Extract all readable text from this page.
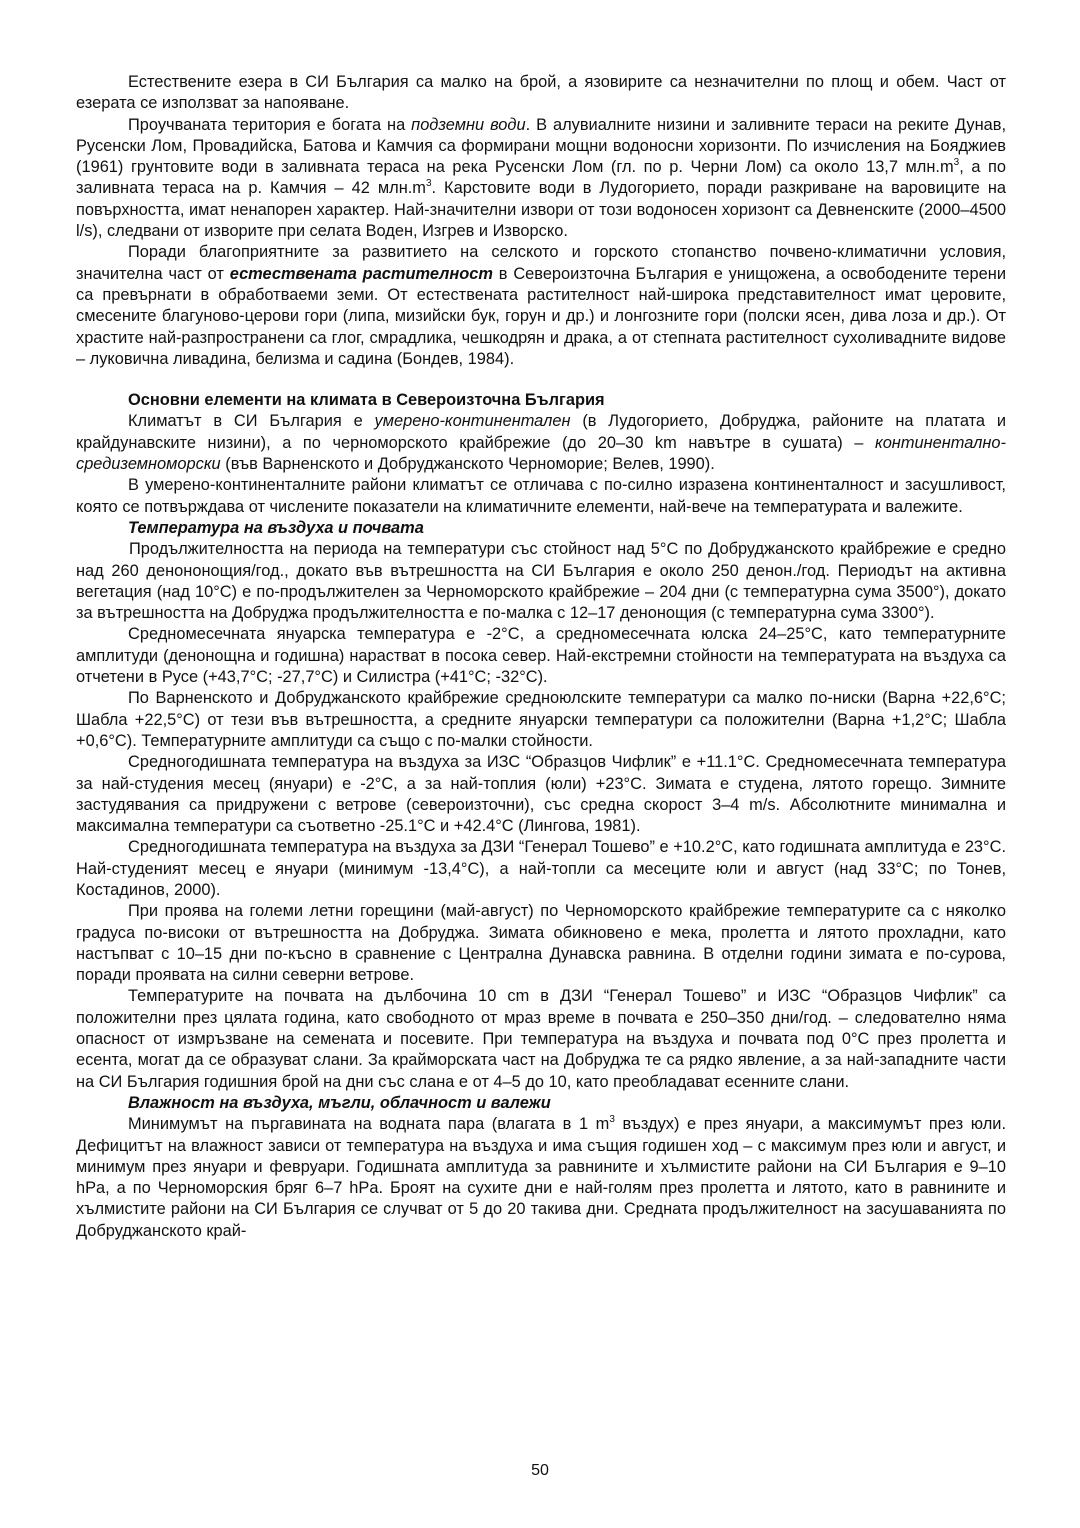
Естествените езера в СИ България са малко на брой, а язовирите са незначителни по площ и обем. Част от езерата се използват за напояване.

Проучваната територия е богата на подземни води. В алувиалните низини и заливните тераси на реките Дунав, Русенски Лом, Провадийска, Батова и Камчия са формирани мощни водоносни хоризонти. По изчисления на Бояджиев (1961) грунтовите води в заливната тераса на река Русенски Лом (гл. по р. Черни Лом) са около 13,7 $млн.m^3$, а по заливната тераса на р. Камчия – 42 $млн.m^3$. Карстовите води в Лудогорието, поради разкриване на варовиците на повърхността, имат ненапорен характер. Най-значителни извори от този водоносен хоризонт са Девненските (2000–4500 l/s), следвани от изворите при селата Воден, Изгрев и Изворско.

Поради благоприятните за развитието на селското и горското стопанство почвено-климатични условия, значителна част от естествената растителност в Североизточна България е унищожена, а освободените терени са превърнати в обработваеми земи. От естествената растителност най-широка представителност имат церовите, смесените благуново-церови гори (липа, мизийски бук, горун и др.) и лонгозните гори (полски ясен, дива лоза и др.). От храстите най-разпространени са глог, смрадлика, чешкодрян и драка, а от степната растителност сухоливадните видове – луковична ливадина, белизма и садина (Бондев, 1984).

Основни елементи на климата в Североизточна България

Климатът в СИ България е умерено-континентален (в Лудогорието, Добруджа, районите на платата и крайдунавските низини), а по черноморското крайбрежие (до 20–30 km навътре в сушата) – континентално-средиземноморски (във Варненското и Добруджанското Черноморие; Велев, 1990).

В умерено-континенталните райони климатът се отличава с по-силно изразена континенталност и засушливост, която се потвърждава от числените показатели на климатичните елементи, най-вече на температурата и валежите.

Температура на въздуха и почвата

Продължителността на периода на температури със стойност над 5°C по Добруджанското крайбрежие е средно над 260 денононощия/год., докато във вътрешността на СИ България е около 250 денон./год. Периодът на активна вегетация (над 10°C) е по-продължителен за Черноморското крайбрежие – 204 дни (с температурна сума 3500°), докато за вътрешността на Добруджа продължителността е по-малка с 12–17 денонощия (с температурна сума 3300°).

Средномесечната януарска температура е -2°C, а средномесечната юлска 24–25°C, като температурните амплитуди (денонощна и годишна) нарастват в посока север. Най-екстремни стойности на температурата на въздуха са отчетени в Русе (+43,7°C; -27,7°C) и Силистра (+41°C; -32°C).

По Варненското и Добруджанското крайбрежие средноюлските температури са малко по-ниски (Варна +22,6°C; Шабла +22,5°C) от тези във вътрешността, а средните януарски температури са положителни (Варна +1,2°C; Шабла +0,6°C). Температурните амплитуди са също с по-малки стойности.

Средногодишната температура на въздуха за ИЗС “Образцов Чифлик” е +11.1°C. Средномесечната температура за най-студения месец (януари) е -2°C, а за най-топлия (юли) +23°C. Зимата е студена, лятото горещо. Зимните застудявания са придружени с ветрове (североизточни), със средна скорост 3–4 m/s. Абсолютните минимална и максимална температури са съответно -25.1°C и +42.4°C (Лингова, 1981).

Средногодишната температура на въздуха за ДЗИ “Генерал Тошево” е +10.2°C, като годишната амплитуда е 23°C. Най-студеният месец е януари (минимум -13,4°C), а най-топли са месеците юли и август (над 33°C; по Тонев, Костадинов, 2000).

При проява на големи летни горещини (май-август) по Черноморското крайбрежие температурите са с няколко градуса по-високи от вътрешността на Добруджа. Зимата обикновено е мека, пролетта и лятото прохладни, като настъпват с 10–15 дни по-късно в сравнение с Централна Дунавска равнина. В отделни години зимата е по-сурова, поради проявата на силни северни ветрове.

Температурите на почвата на дълбочина 10 cm в ДЗИ “Генерал Тошево” и ИЗС “Образцов Чифлик” са положителни през цялата година, като свободното от мраз време в почвата е 250–350 дни/год. – следователно няма опасност от измръзване на семената и посевите. При температура на въздуха и почвата под 0°C през пролетта и есента, могат да се образуват слани. За крайморската част на Добруджа те са рядко явление, а за най-западните части на СИ България годишния брой на дни със слана е от 4–5 до 10, като преобладават есенните слани.

Влажност на въздуха, мъгли, облачност и валежи

Минимумът на пъргавината на водната пара (влагата в 1 $m^3$ въздух) е през януари, а максимумът през юли. Дефицитът на влажност зависи от температура на въздуха и има същия годишен ход – с максимум през юли и август, и минимум през януари и февруари. Годишната амплитуда за равнините и хълмистите райони на СИ България е 9–10 hPa, а по Черноморския бряг 6–7 hPa. Броят на сухите дни е най-голям през пролетта и лятото, като в равнините и хълмистите райони на СИ България се случват от 5 до 20 такива дни. Средната продължителност на засушаванията по Добруджанското край-

50
